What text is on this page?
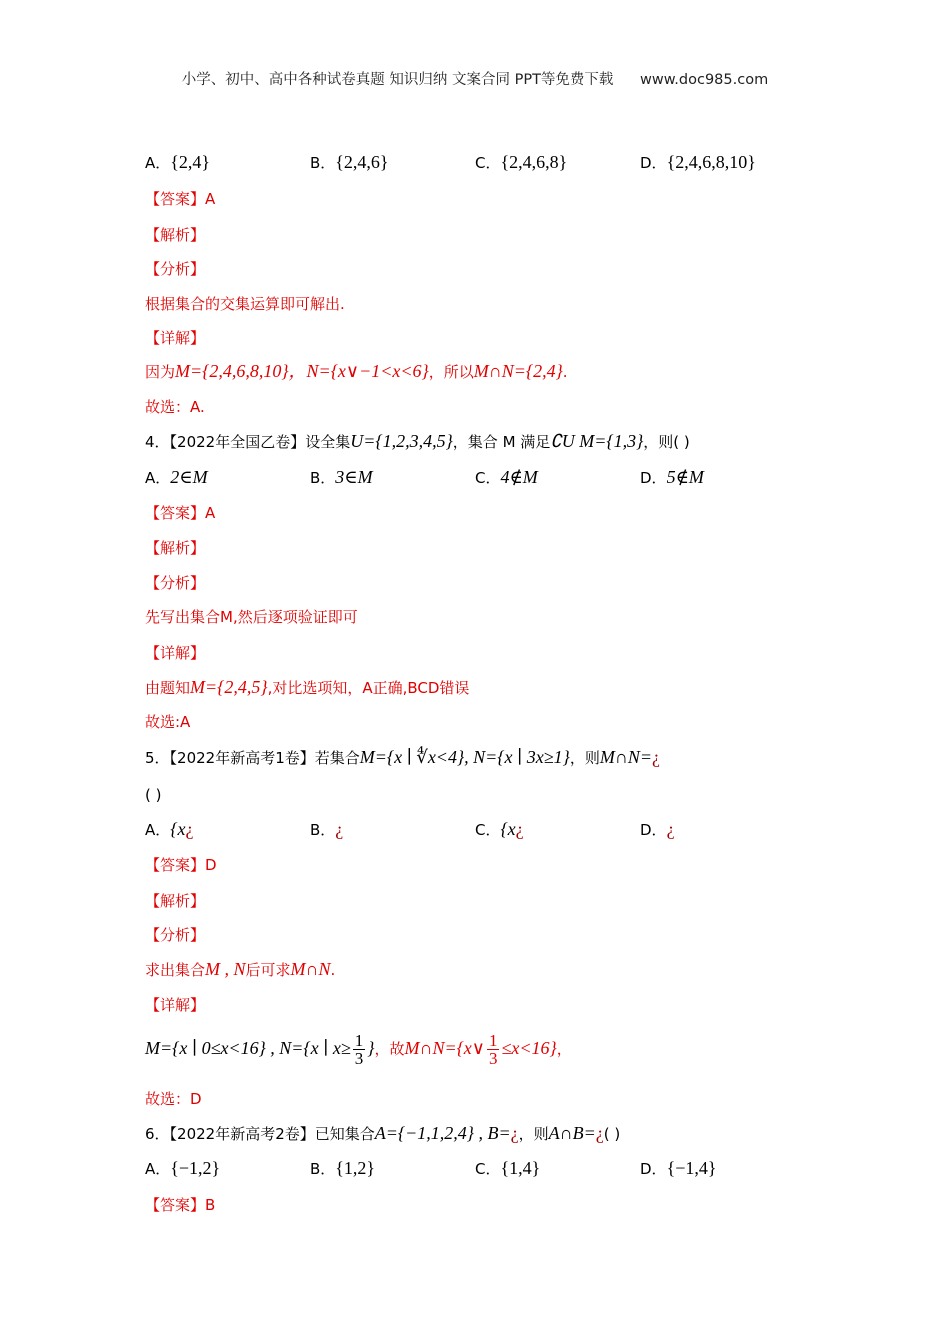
小学、初中、高中各种试卷真题 知识归纳 文案合同 PPT等免费下载 www.doc985.com
A．{2,4}	B．{2,4,6}	C．{2,4,6,8}	D．{2,4,6,8,10}
【答案】A
【解析】
【分析】
根据集合的交集运算即可解出.
【详解】
因为M={2,4,6,8,10}，N={x∨−1<x<6}，所以M∩N={2,4}.
故选：A.
4．【2022年全国乙卷】设全集U={1,2,3,4,5}，集合 M 满足∁U M={1,3}，则( )
A．2∈M	B．3∈M	C．4∉M	D．5∉M
【答案】A
【解析】
【分析】
先写出集合M,然后逐项验证即可
【详解】
由题知M={2,4,5},对比选项知，A正确,BCD错误
故选:A
5．【2022年新高考1卷】若集合M={x ∣ ∜x<4}, N={x ∣ 3x≥1}，则M∩N=¿
( )
A．{x¿	B．¿	C．{x¿	D．¿
【答案】D
【解析】
【分析】
求出集合M , N后可求M∩N.
【详解】
M={x ∣ 0≤x<16} , N={x ∣ $x\ge \frac{1}{3}$ }，故M∩N={x∨ $\frac{1}{3} \le x<16$}，
故选：D
6．【2022年新高考2卷】已知集合A={−1,1,2,4} , B=¿，则A∩B=¿( )
A．{−1,2}	B．{1,2}	C．{1,4}	D．{−1,4}
【答案】B
